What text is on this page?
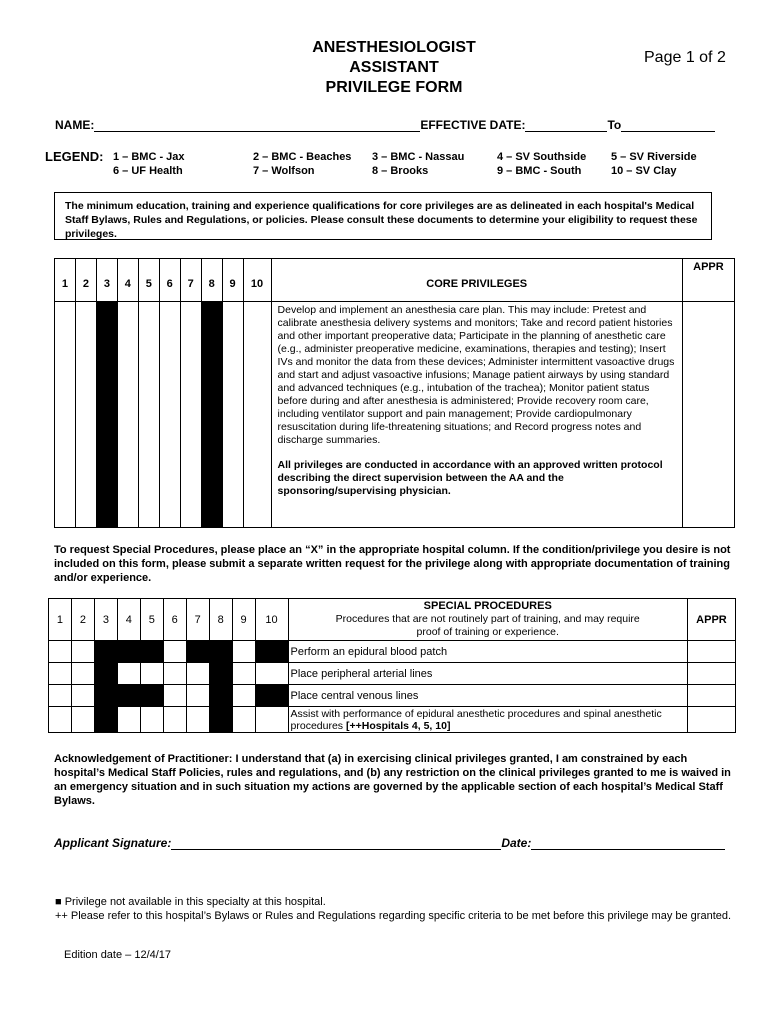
ANESTHESIOLOGIST
ASSISTANT
PRIVILEGE FORM
Page 1 of 2
NAME:	EFFECTIVE DATE:	To
LEGEND: 1 – BMC - Jax	2 – BMC - Beaches 3 – BMC - Nassau	4 – SV Southside 5 – SV Riverside
6 – UF Health	7 – Wolfson	8 – Brooks	9 – BMC - South	10 – SV Clay
The minimum education, training and experience qualifications for core privileges are as delineated in each hospital's Medical Staff Bylaws, Rules and Regulations, or policies. Please consult these documents to determine your eligibility to request these privileges.
1	2	3	4	5	6	7	8	9	10	CORE PRIVILEGES	APPR

										Develop and implement an anesthesia care plan. This may include: Pretest and calibrate anesthesia delivery systems and monitors; Take and record patient histories and other important preoperative data; Participate in the planning of anesthetic care (e.g., administer preoperative medicine, examinations, therapies and testing); Insert IVs and monitor the data from these devices; Administer intermittent vasoactive drugs and start and adjust vasoactive infusions; Manage patient airways by using standard and advanced techniques (e.g., intubation of the trachea); Monitor patient status before during and after anesthesia is administered; Provide recovery room care, including ventilator support and pain management; Provide cardiopulmonary resuscitation during life-threatening situations; and Record progress notes and discharge summaries.
All privileges are conducted in accordance with an approved written protocol describing the direct supervision between the AA and the sponsoring/supervising physician.	

To request Special Procedures, please place an “X” in the appropriate hospital column. If the condition/privilege you desire is not included on this form, please submit a separate written request for the privilege along with appropriate documentation of training and/or experience.
1	2	3	4	5	6	7	8	9	10	SPECIAL PROCEDURES
Procedures that are not routinely part of training, and may require proof of training or experience.	APPR
										Perform an epidural blood patch	
										Place peripheral arterial lines	
										Place central venous lines	
										Assist with performance of epidural anesthetic procedures and spinal anesthetic procedures [++Hospitals 4, 5, 10]	
Acknowledgement of Practitioner: I understand that (a) in exercising clinical privileges granted, I am constrained by each hospital’s Medical Staff Policies, rules and regulations, and (b) any restriction on the clinical privileges granted to me is waived in an emergency situation and in such situation my actions are governed by the applicable section of each hospital’s Medical Staff Bylaws.
Applicant Signature:	Date:
■ Privilege not available in this specialty at this hospital.
++ Please refer to this hospital’s Bylaws or Rules and Regulations regarding specific criteria to be met before this privilege may be granted.
Edition date – 12/4/17
